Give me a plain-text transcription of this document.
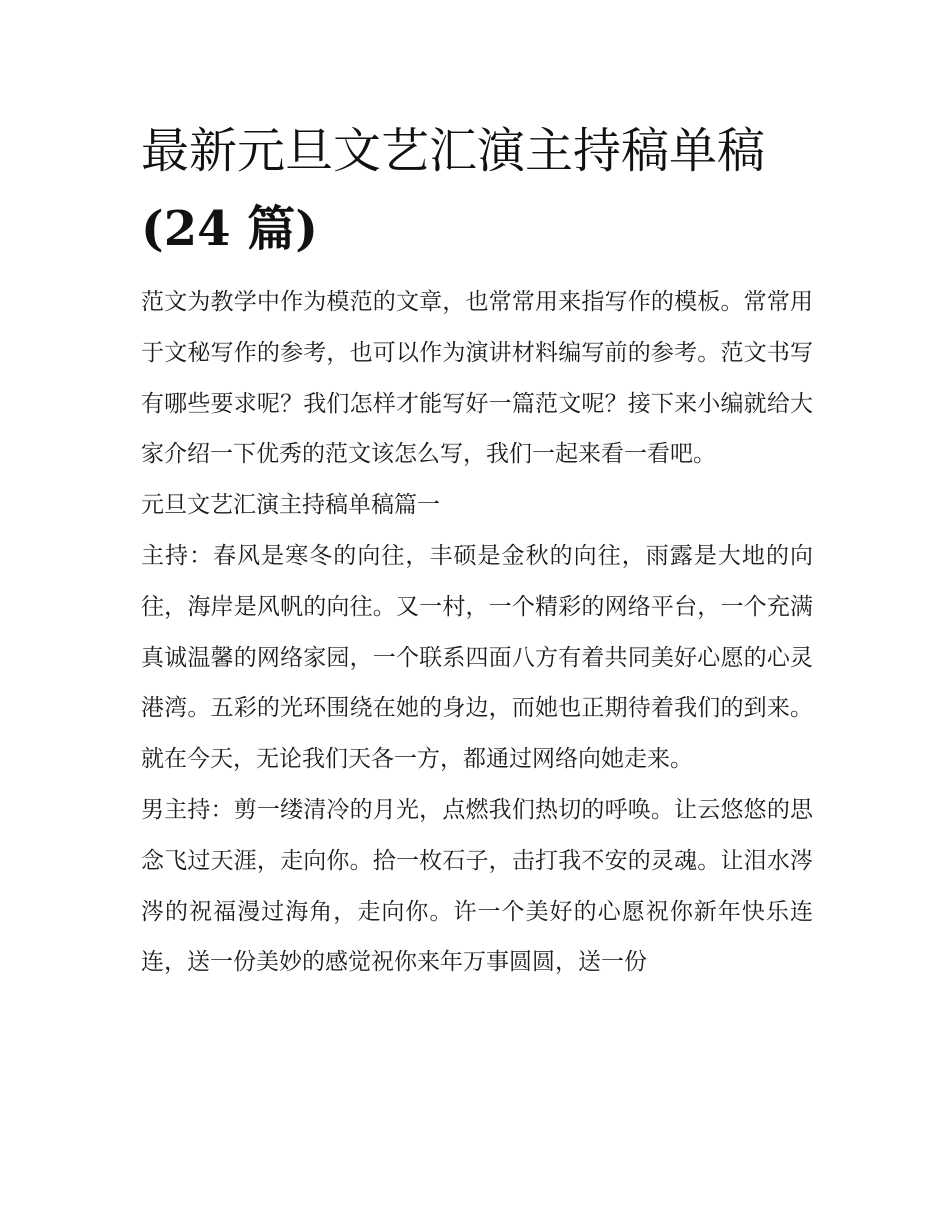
最新元旦文艺汇演主持稿单稿
(24 篇)

范文为教学中作为模范的文章，也常常用来指写作的模板。常常用于文秘写作的参考，也可以作为演讲材料编写前的参考。范文书写有哪些要求呢？我们怎样才能写好一篇范文呢？接下来小编就给大家介绍一下优秀的范文该怎么写，我们一起来看一看吧。

元旦文艺汇演主持稿单稿篇一

主持：春风是寒冬的向往，丰硕是金秋的向往，雨露是大地的向往，海岸是风帆的向往。又一村，一个精彩的网络平台，一个充满真诚温馨的网络家园，一个联系四面八方有着共同美好心愿的心灵港湾。五彩的光环围绕在她的身边，而她也正期待着我们的到来。就在今天，无论我们天各一方，都通过网络向她走来。

男主持：剪一缕清冷的月光，点燃我们热切的呼唤。让云悠悠的思念飞过天涯，走向你。拾一枚石子，击打我不安的灵魂。让泪水涔涔的祝福漫过海角，走向你。许一个美好的心愿祝你新年快乐连连，送一份美妙的感觉祝你来年万事圆圆，送一份
